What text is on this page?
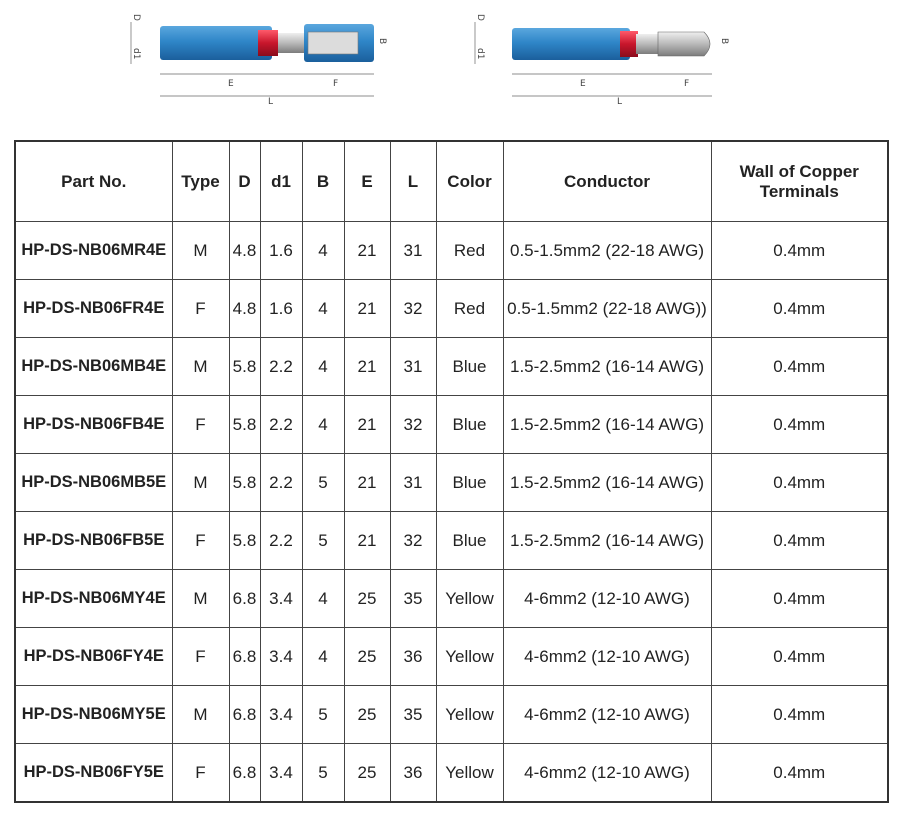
D
d1
B
E	F
L
D
d1
B
E	F
L
Part No.	Type	D	d1	B	E	L	Color	Conductor	Wall of Copper Terminals
HP-DS-NB06MR4E	M	4.8	1.6	4	21	31	Red	0.5-1.5mm2 (22-18 AWG)	0.4mm
HP-DS-NB06FR4E	F	4.8	1.6	4	21	32	Red	0.5-1.5mm2 (22-18 AWG))	0.4mm
HP-DS-NB06MB4E	M	5.8	2.2	4	21	31	Blue	1.5-2.5mm2 (16-14 AWG)	0.4mm
HP-DS-NB06FB4E	F	5.8	2.2	4	21	32	Blue	1.5-2.5mm2 (16-14 AWG)	0.4mm
HP-DS-NB06MB5E	M	5.8	2.2	5	21	31	Blue	1.5-2.5mm2 (16-14 AWG)	0.4mm
HP-DS-NB06FB5E	F	5.8	2.2	5	21	32	Blue	1.5-2.5mm2 (16-14 AWG)	0.4mm
HP-DS-NB06MY4E	M	6.8	3.4	4	25	35	Yellow	4-6mm2 (12-10 AWG)	0.4mm
HP-DS-NB06FY4E	F	6.8	3.4	4	25	36	Yellow	4-6mm2 (12-10 AWG)	0.4mm
HP-DS-NB06MY5E	M	6.8	3.4	5	25	35	Yellow	4-6mm2 (12-10 AWG)	0.4mm
HP-DS-NB06FY5E	F	6.8	3.4	5	25	36	Yellow	4-6mm2 (12-10 AWG)	0.4mm
